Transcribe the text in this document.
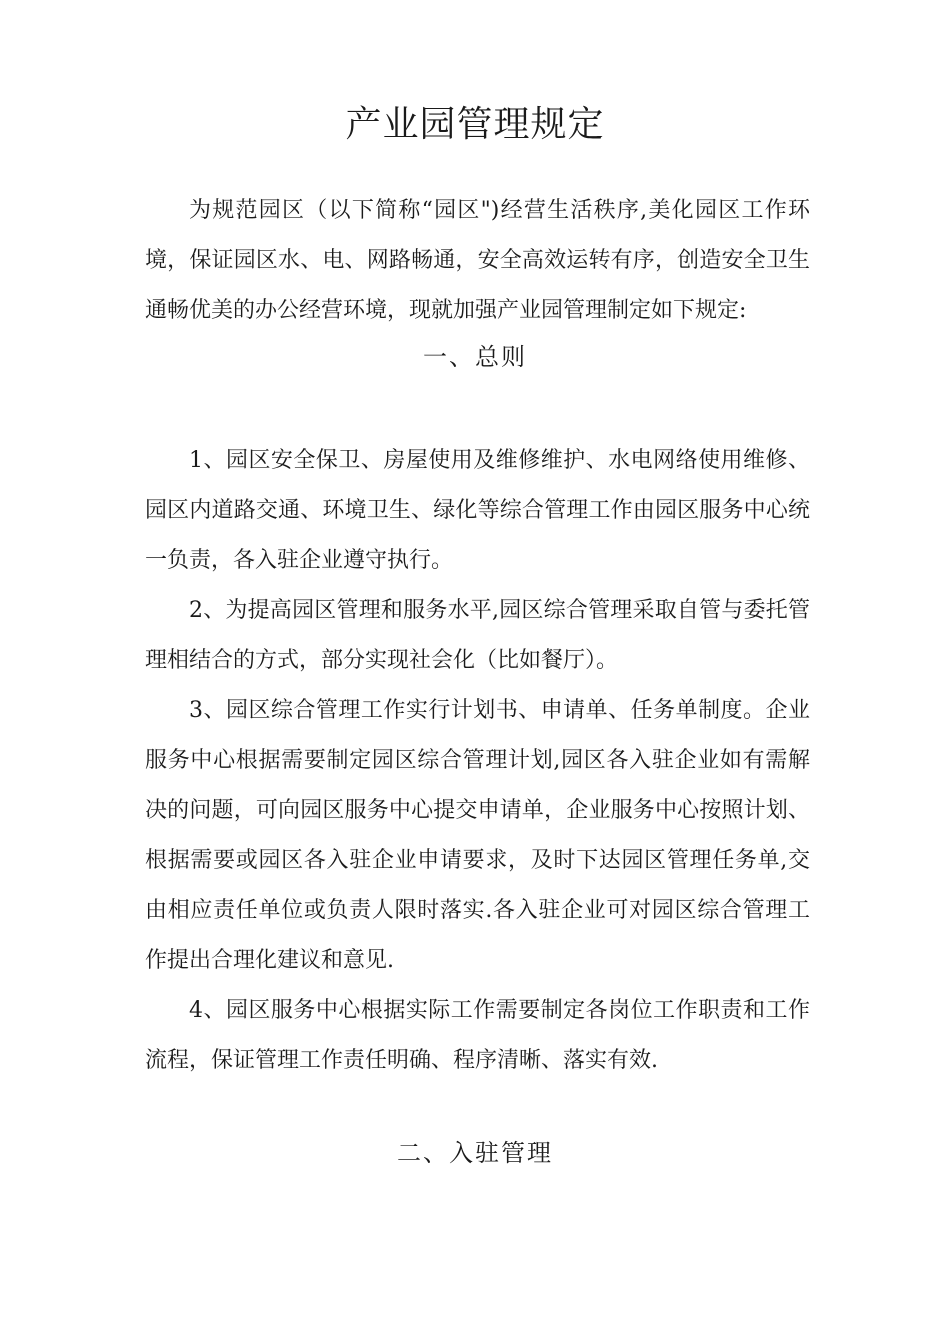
产业园管理规定

为规范园区（以下简称“园区")经营生活秩序,美化园区工作环境，保证园区水、电、网路畅通，安全高效运转有序，创造安全卫生通畅优美的办公经营环境，现就加强产业园管理制定如下规定:

一、总则

1、园区安全保卫、房屋使用及维修维护、水电网络使用维修、园区内道路交通、环境卫生、绿化等综合管理工作由园区服务中心统一负责，各入驻企业遵守执行。

2、为提高园区管理和服务水平,园区综合管理采取自管与委托管理相结合的方式，部分实现社会化（比如餐厅）。

3、园区综合管理工作实行计划书、申请单、任务单制度。企业服务中心根据需要制定园区综合管理计划,园区各入驻企业如有需解决的问题，可向园区服务中心提交申请单，企业服务中心按照计划、根据需要或园区各入驻企业申请要求，及时下达园区管理任务单,交由相应责任单位或负责人限时落实.各入驻企业可对园区综合管理工作提出合理化建议和意见.

4、园区服务中心根据实际工作需要制定各岗位工作职责和工作流程，保证管理工作责任明确、程序清晰、落实有效.

二、入驻管理
